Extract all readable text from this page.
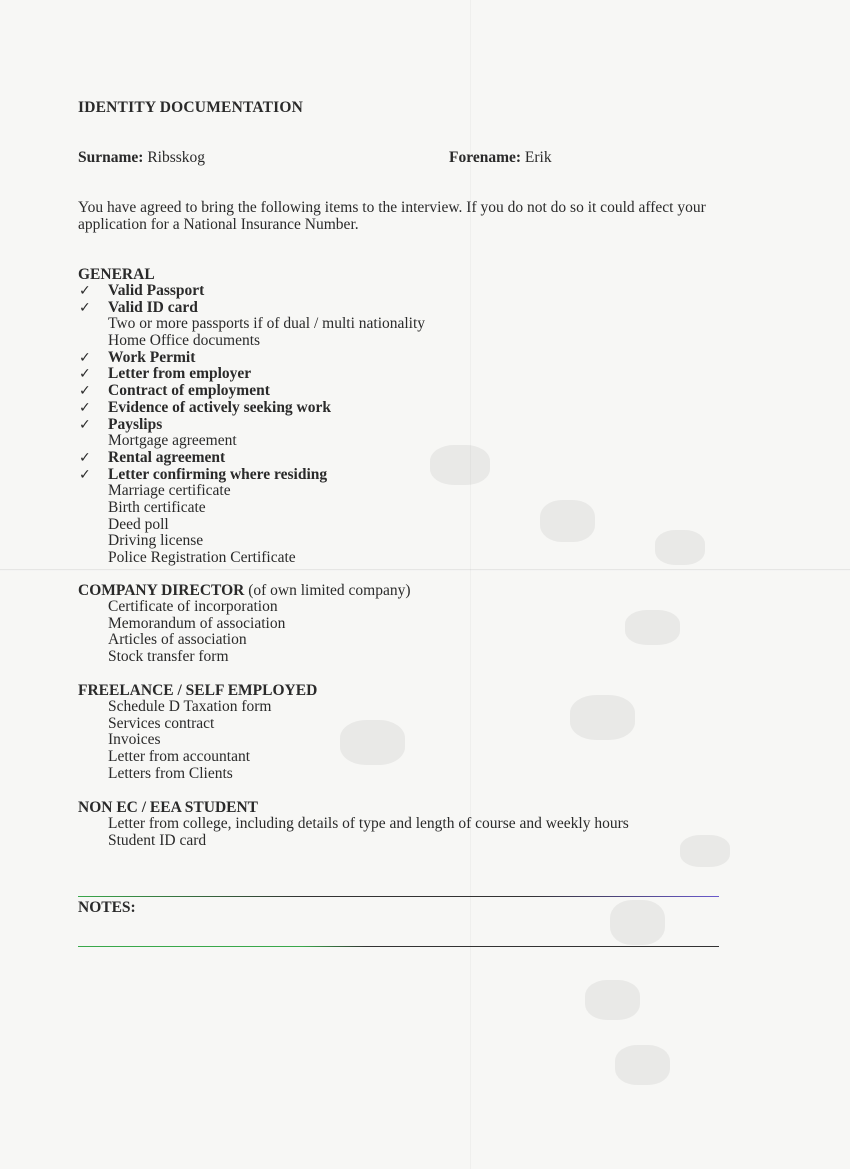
IDENTITY DOCUMENTATION
Surname: Ribsskog	Forename: Erik
You have agreed to bring the following items to the interview. If you do not do so it could affect your application for a National Insurance Number.
GENERAL
✓ Valid Passport
✓ Valid ID card
Two or more passports if of dual / multi nationality
Home Office documents
✓ Work Permit
✓ Letter from employer
✓ Contract of employment
✓ Evidence of actively seeking work
✓ Payslips
Mortgage agreement
✓ Rental agreement
✓ Letter confirming where residing
Marriage certificate
Birth certificate
Deed poll
Driving license
Police Registration Certificate
COMPANY DIRECTOR (of own limited company)
Certificate of incorporation
Memorandum of association
Articles of association
Stock transfer form
FREELANCE / SELF EMPLOYED
Schedule D Taxation form
Services contract
Invoices
Letter from accountant
Letters from Clients
NON EC / EEA STUDENT
Letter from college, including details of type and length of course and weekly hours
Student ID card
NOTES:
